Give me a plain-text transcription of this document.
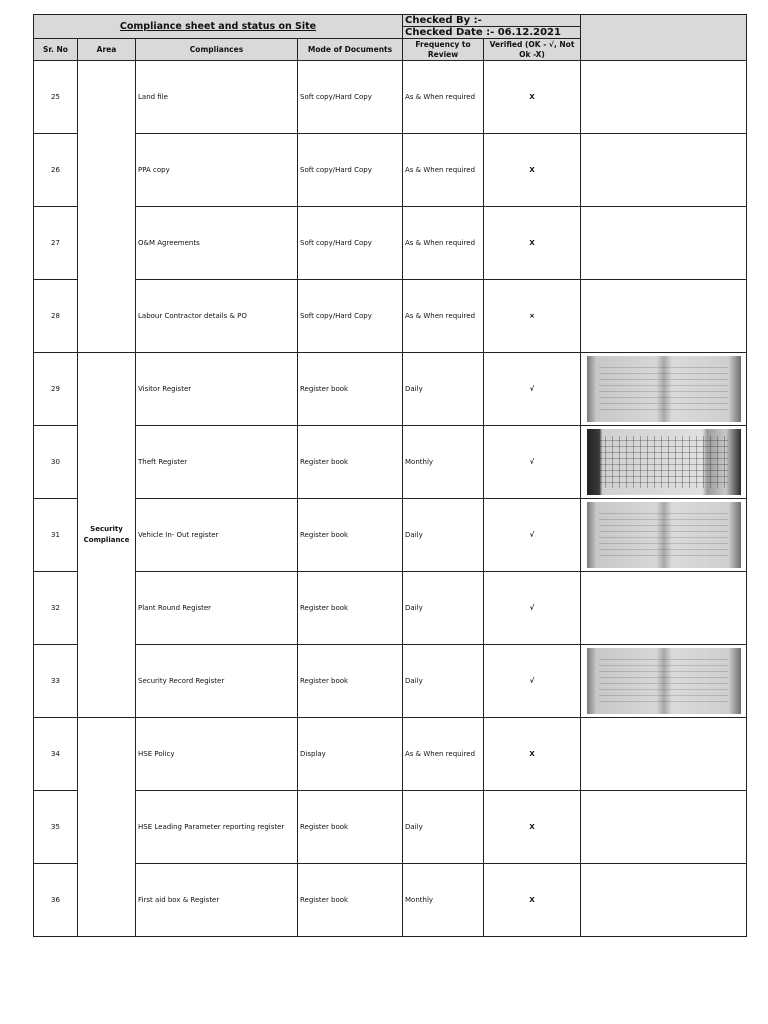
Compliance sheet and status on Site				Checked By :-		
				Checked Date :- 06.12.2021		
Sr. No	Area	Compliances	Mode of Documents	Frequency to Review	Verified (OK - √, Not Ok -X)	
25		Land file	Soft copy/Hard Copy	As & When required	X	
26		PPA copy	Soft copy/Hard Copy	As & When required	X	
27		O&M Agreements	Soft copy/Hard Copy	As & When required	X	
28		Labour Contractor details & PO	Soft copy/Hard Copy	As & When required	×	
29	Security Compliance	Visitor Register	Register book	Daily	√	

30		Theft Register	Register book	Monthly	√	

31		Vehicle In- Out register	Register book	Daily	√	

32		Plant Round Register	Register book	Daily	√	
33		Security Record Register	Register book	Daily	√	

34		HSE Policy	Display	As & When required	X	
35		HSE Leading Parameter reporting register	Register book	Daily	X	
36		First aid box & Register	Register book	Monthly	X	
